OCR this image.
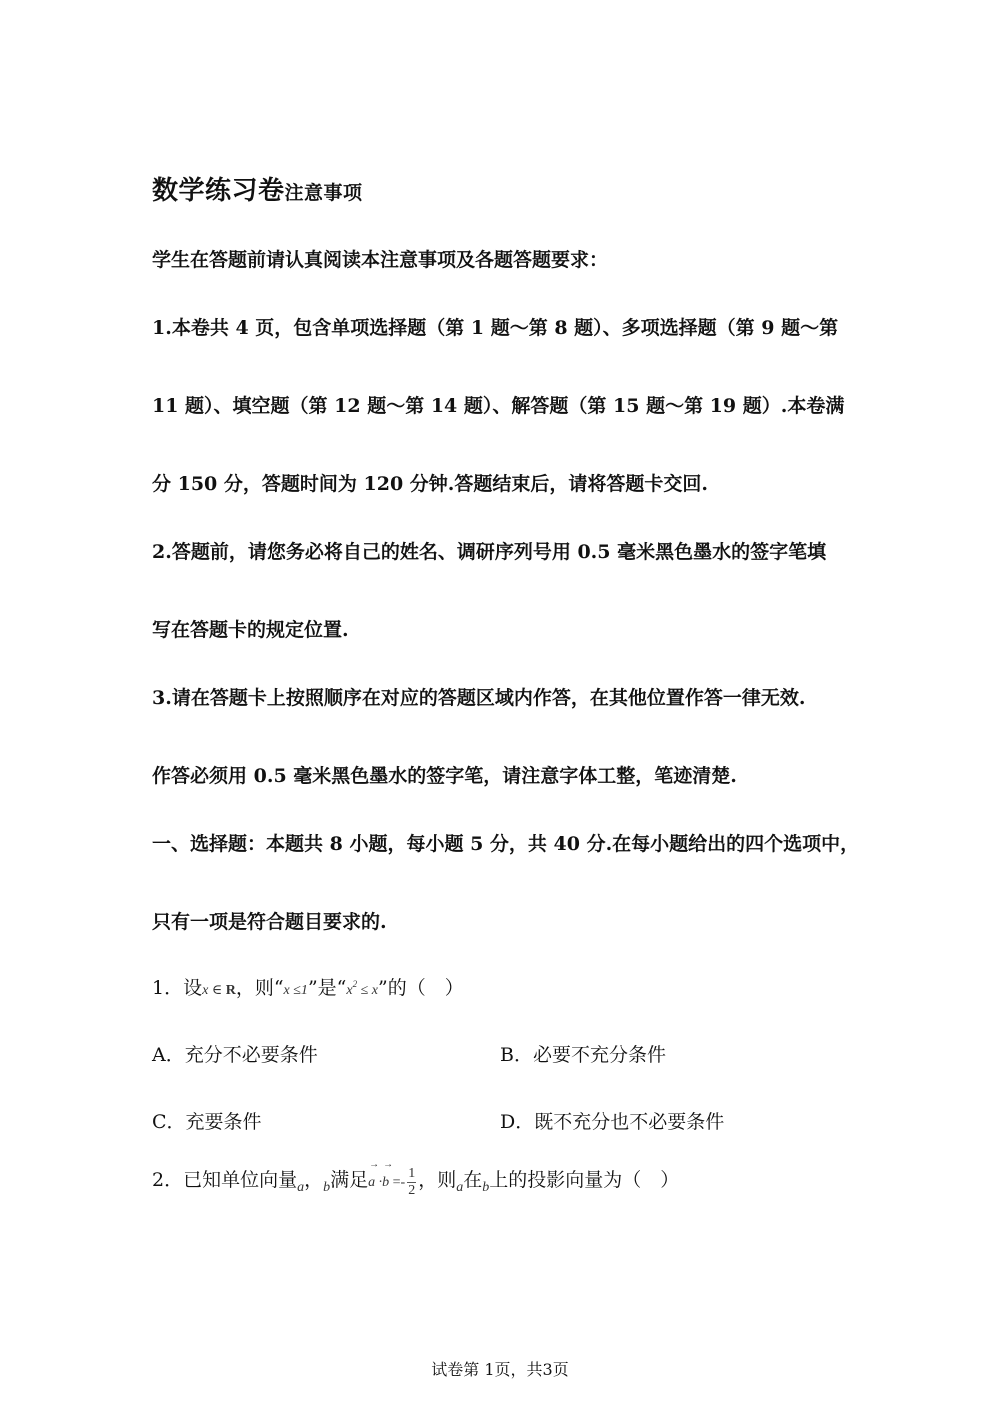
数学练习卷注意事项
学生在答题前请认真阅读本注意事项及各题答题要求：
1.本卷共 4 页，包含单项选择题（第 1 题～第 8 题）、多项选择题（第 9 题～第
11 题）、填空题（第 12 题～第 14 题）、解答题（第 15 题～第 19 题）.本卷满
分 150 分，答题时间为 120 分钟.答题结束后，请将答题卡交回.
2.答题前，请您务必将自己的姓名、调研序列号用 0.5 毫米黑色墨水的签字笔填
写在答题卡的规定位置.
3.请在答题卡上按照顺序在对应的答题区域内作答，在其他位置作答一律无效.
作答必须用 0.5 毫米黑色墨水的签字笔，请注意字体工整，笔迹清楚.
一、选择题：本题共 8 小题，每小题 5 分，共 40 分.在每小题给出的四个选项中，
只有一项是符合题目要求的.
1．设x ∈ R，则“x ≤1”是“$x^2 \le x$”的（　）
A．充分不必要条件	B．必要不充分条件
C．充要条件	D．既不充分也不必要条件
2．已知单位向量$_a$，$_b$满足
→
a ·
→
$b =- \frac{1}{2}$ ，则$_a$在$_b$上的投影向量为（　）
试卷第 1页，共3页
